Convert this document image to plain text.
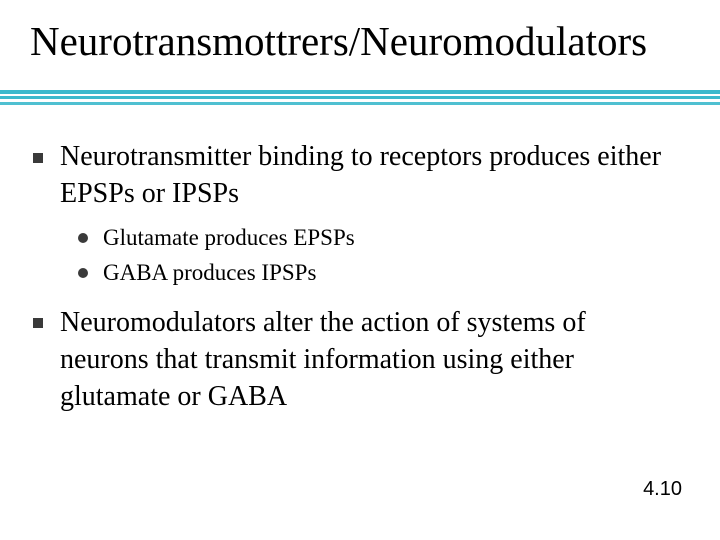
Neurotransmottrers/Neuromodulators
Neurotransmitter binding to receptors produces either EPSPs or IPSPs
Glutamate produces EPSPs
GABA produces IPSPs
Neuromodulators alter the action of systems of neurons that transmit information using either glutamate or GABA
4.10
